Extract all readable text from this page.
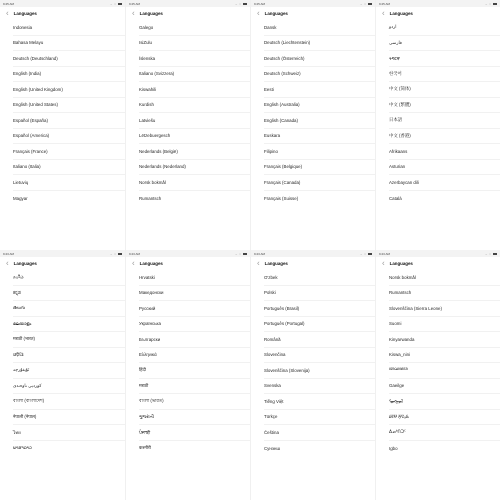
9:25 AM	··· ◌
‹ Languages
Indonesia
Bahasa Melayu
Deutsch (Deutschland)
English (India)
English (United Kingdom)
English (United States)
Español (España)
Español (America)
Français (France)
Italiano (Italia)
Lietuvių
Magyar
9:25 AM	··· ◌
‹ Languages
Galego
IsiZulu
Íslenska
Italiano (Svizzera)
Kiswahili
Kurdish
Latviešu
Lëtzebuergesch
Nederlands (België)
Nederlands (Nederland)
Norsk bokmål
Rumantsch
9:25 AM	··· ◌
‹ Languages
Dansk
Deutsch (Liechtenstein)
Deutsch (Österreich)
Deutsch (Schweiz)
Eesti
English (Australia)
English (Canada)
Euskara
Filipino
Français (Belgique)
Français (Canada)
Français (Suisse)
9:25 AM	··· ◌
‹ Languages
اردو
فارسی
ትግርኛ
한국어
中文 (简体)
中文 (繁體)
日本語
中文 (香港)
Afrikaans
Asturian
Azerbaycan dili
Català
9:23 AM	··· ◌
‹ Languages
தமிழ்
ಕನ್ನಡ
తెలుగు
മലയാളം
मराठी (भारत)
ଓଡ଼ିଆ
ئۇيغۇرچە
کوردیی ناوەندی
বাংলা (বাংলাদেশ)
नेपाली (नेपाल)
ไทย
ພາສາລາວ
9:23 AM	··· ◌
‹ Languages
Hrvatski
Македонски
Русский
Українська
Български
Ελληνικά
हिंदी
मराठी
বাংলা (ভারত)
ગુજરાતી
ਪੰਜਾਬੀ
कश्मीरी
9:23 AM	··· ◌
‹ Languages
O'zbek
Polski
Português (Brasil)
Português (Portugal)
Română
Slovenčina
Slovenščina (Slovenija)
Svenska
Tiếng Việt
Türkçe
Čeština
Сунэнш
9:23 AM	··· ◌
‹ Languages
Norsk bokmål
Rumantsch
Slovenščina (Sierra Leone)
Suomi
Kinyarwanda
Kiswa_nini
ꦧꦱꦗꦮ
Gaeilge
ᠮᠣᠩᠭᠣᠯ
ᮘᮞ ᮞᮥᮔ᮪ᮓ
ᐃᓄᒃᑎᑐᑦ
Igbo
